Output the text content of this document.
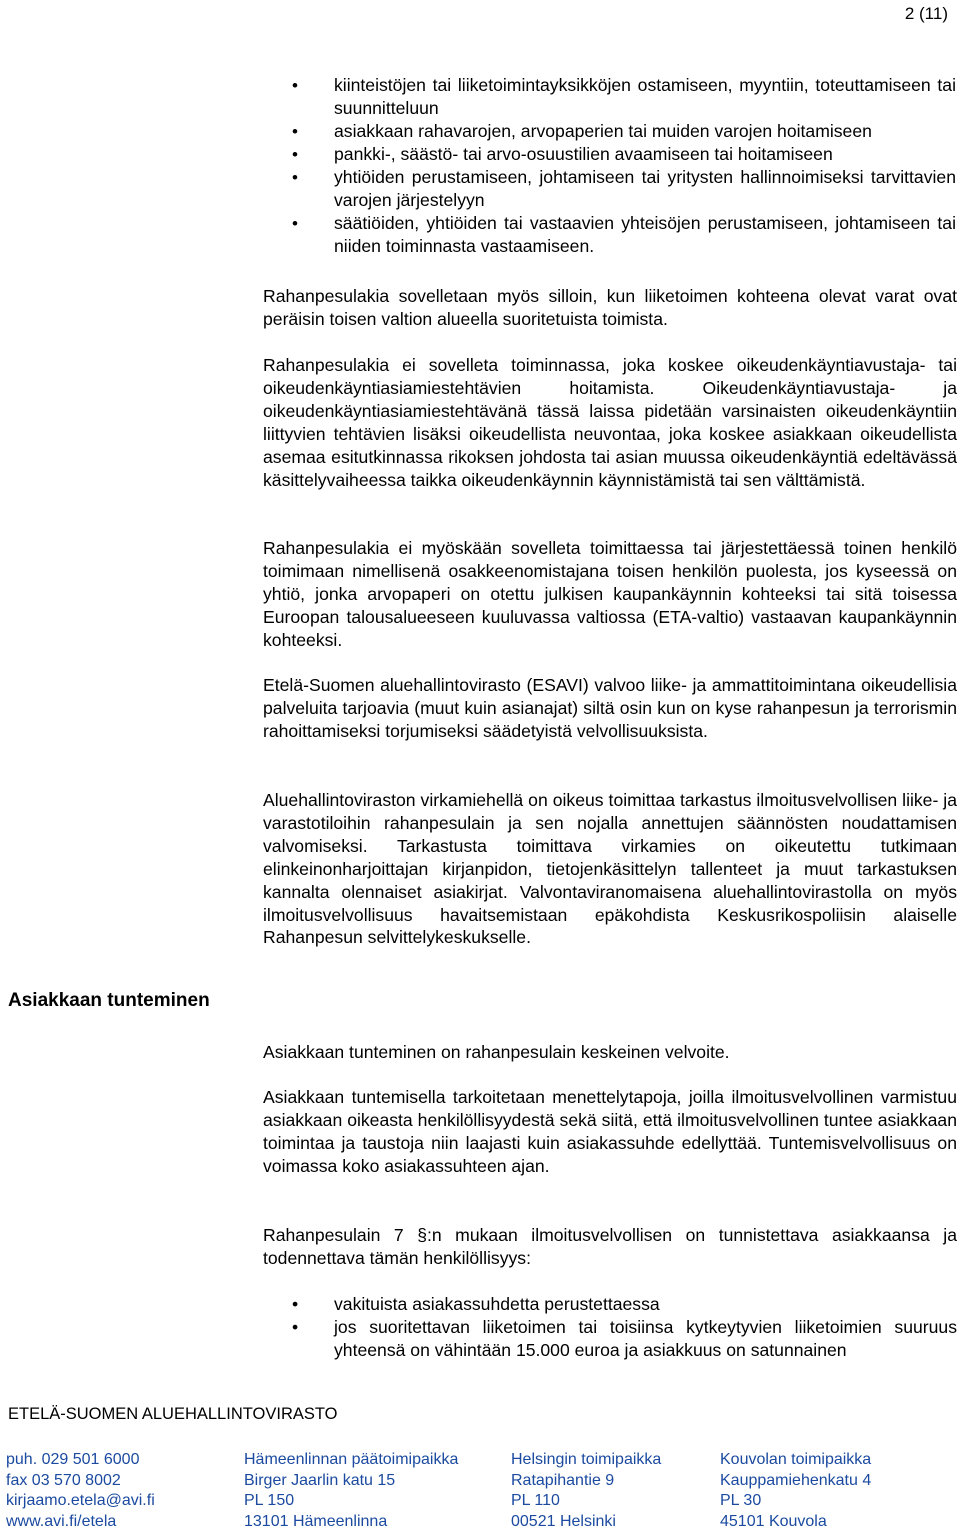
2 (11)
• kiinteistöjen tai liiketoimintayksikköjen ostamiseen, myyntiin, toteuttamiseen tai suunnitteluun
• asiakkaan rahavarojen, arvopaperien tai muiden varojen hoitamiseen
• pankki-, säästö- tai arvo-osuustilien avaamiseen tai hoitamiseen
• yhtiöiden perustamiseen, johtamiseen tai yritysten hallinnoimiseksi tarvittavien varojen järjestelyyn
• säätiöiden, yhtiöiden tai vastaavien yhteisöjen perustamiseen, johtamiseen tai niiden toiminnasta vastaamiseen.

Rahanpesulakia sovelletaan myös silloin, kun liiketoimen kohteena olevat varat ovat peräisin toisen valtion alueella suoritetuista toimista.

Rahanpesulakia ei sovelleta toiminnassa, joka koskee oikeudenkäyntiavustaja- tai oikeudenkäyntiasiamiestehtävien hoitamista. Oikeudenkäyntiavustaja- ja oikeudenkäyntiasiamiestehtävänä tässä laissa pidetään varsinaisten oikeudenkäyntiin liittyvien tehtävien lisäksi oikeudellista neuvontaa, joka koskee asiakkaan oikeudellista asemaa esitutkinnassa rikoksen johdosta tai asian muussa oikeudenkäyntiä edeltävässä käsittelyvaiheessa taikka oikeudenkäynnin käynnistämistä tai sen välttämistä.

Rahanpesulakia ei myöskään sovelleta toimittaessa tai järjestettäessä toinen henkilö toimimaan nimellisenä osakkeenomistajana toisen henkilön puolesta, jos kyseessä on yhtiö, jonka arvopaperi on otettu julkisen kaupankäynnin kohteeksi tai sitä toisessa Euroopan talousalueeseen kuuluvassa valtiossa (ETA-valtio) vastaavan kaupankäynnin kohteeksi.

Etelä-Suomen aluehallintovirasto (ESAVI) valvoo liike- ja ammattitoimintana oikeudellisia palveluita tarjoavia (muut kuin asianajat) siltä osin kun on kyse rahanpesun ja terrorismin rahoittamiseksi torjumiseksi säädetyistä velvollisuuksista.

Aluehallintoviraston virkamiehellä on oikeus toimittaa tarkastus ilmoitusvelvollisen liike- ja varastotiloihin rahanpesulain ja sen nojalla annettujen säännösten noudattamisen valvomiseksi. Tarkastusta toimittava virkamies on oikeutettu tutkimaan elinkeinonharjoittajan kirjanpidon, tietojenkäsittelyn tallenteet ja muut tarkastuksen kannalta olennaiset asiakirjat. Valvontaviranomaisena aluehallintovirastolla on myös ilmoitusvelvollisuus havaitsemistaan epäkohdista Keskusrikospoliisin alaiselle Rahanpesun selvittelykeskukselle.

Asiakkaan tunteminen

Asiakkaan tunteminen on rahanpesulain keskeinen velvoite.

Asiakkaan tuntemisella tarkoitetaan menettelytapoja, joilla ilmoitusvelvollinen varmistuu asiakkaan oikeasta henkilöllisyydestä sekä siitä, että ilmoitusvelvollinen tuntee asiakkaan toimintaa ja taustoja niin laajasti kuin asiakassuhde edellyttää. Tuntemisvelvollisuus on voimassa koko asiakassuhteen ajan.

Rahanpesulain 7 §:n mukaan ilmoitusvelvollisen on tunnistettava asiakkaansa ja todennettava tämän henkilöllisyys:

• vakituista asiakassuhdetta perustettaessa
• jos suoritettavan liiketoimen tai toisiinsa kytkeytyvien liiketoimien suuruus yhteensä on vähintään 15.000 euroa ja asiakkuus on satunnainen
ETELÄ-SUOMEN ALUEHALLINTOVIRASTO
puh. 029 501 6000
fax 03 570 8002
kirjaamo.etela@avi.fi
www.avi.fi/etela
Hämeenlinnan päätoimipaikka
Birger Jaarlin katu 15
PL 150
13101 Hämeenlinna
Helsingin toimipaikka
Ratapihantie 9
PL 110
00521 Helsinki
Kouvolan toimipaikka
Kauppamiehenkatu 4
PL 30
45101 Kouvola
